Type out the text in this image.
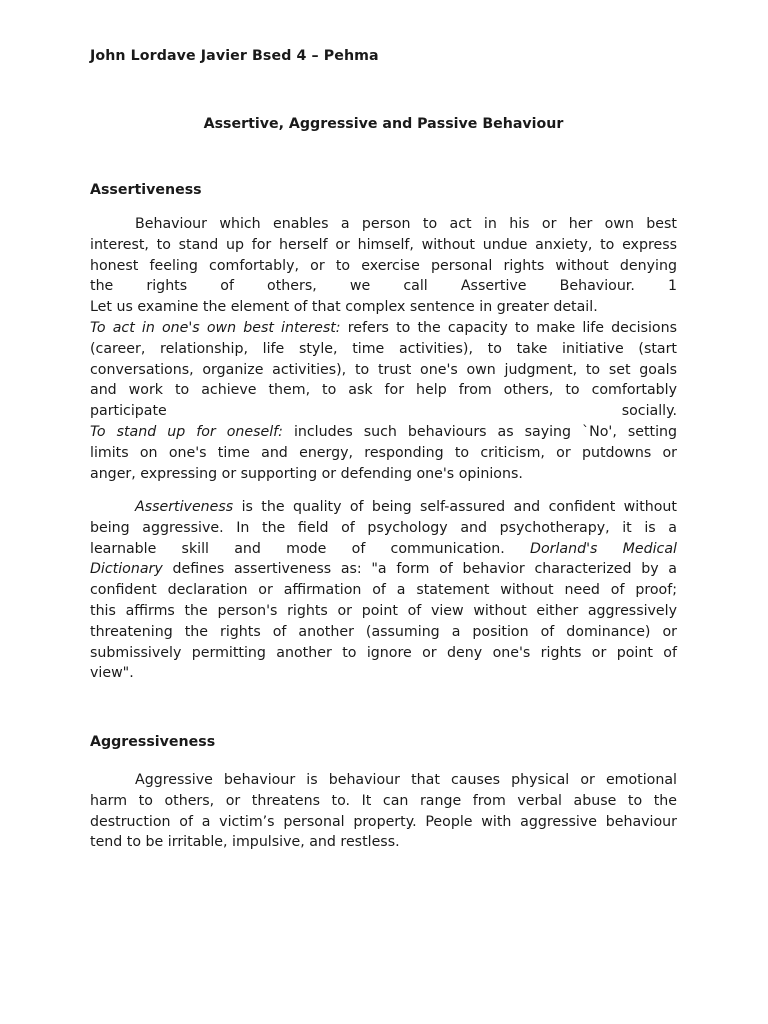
John Lordave Javier Bsed 4 – Pehma
Assertive, Aggressive and Passive Behaviour
Assertiveness
Behaviour which enables a person to act in his or her own best
interest, to stand up for herself or himself, without undue anxiety, to express
honest feeling comfortably, or to exercise personal rights without denying
the rights of others, we call Assertive Behaviour. 1
Let us examine the element of that complex sentence in greater detail.
To act in one's own best interest: refers to the capacity to make life decisions
(career, relationship, life style, time activities), to take initiative (start
conversations, organize activities), to trust one's own judgment, to set goals
and work to achieve them, to ask for help from others, to comfortably
participate socially.
To stand up for oneself: includes such behaviours as saying `No', setting
limits on one's time and energy, responding to criticism, or putdowns or
anger, expressing or supporting or defending one's opinions.
Assertiveness is the quality of being self-assured and confident without
being aggressive. In the field of psychology and psychotherapy, it is a
learnable skill and mode of communication. Dorland's Medical
Dictionary defines assertiveness as: "a form of behavior characterized by a
confident declaration or affirmation of a statement without need of proof;
this affirms the person's rights or point of view without either aggressively
threatening the rights of another (assuming a position of dominance) or
submissively permitting another to ignore or deny one's rights or point of
view".
Aggressiveness
Aggressive behaviour is behaviour that causes physical or emotional
harm to others, or threatens to. It can range from verbal abuse to the
destruction of a victim’s personal property. People with aggressive behaviour
tend to be irritable, impulsive, and restless.
